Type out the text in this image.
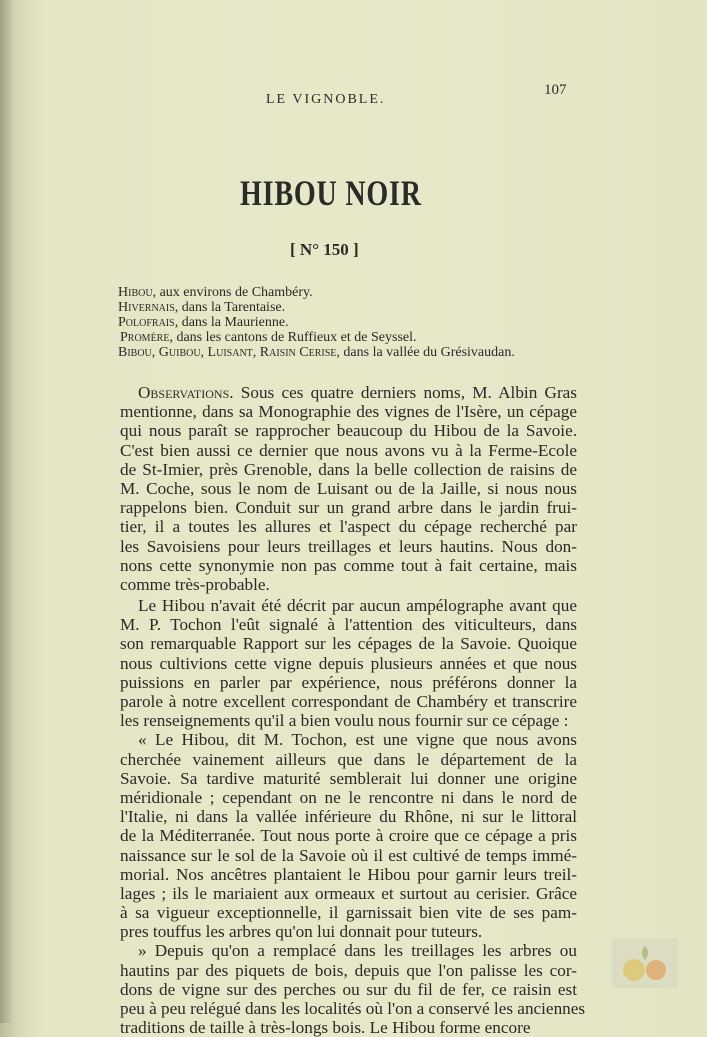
LE VIGNOBLE.
107
HIBOU NOIR
[ N° 150 ]
Hibou, aux environs de Chambéry.
Hivernais, dans la Tarentaise.
Polofrais, dans la Maurienne.
Promère, dans les cantons de Ruffieux et de Seyssel.
Bibou, Guibou, Luisant, Raisin Cerise, dans la vallée du Grésivaudan.
Observations. Sous ces quatre derniers noms, M. Albin Gras
mentionne, dans sa Monographie des vignes de l'Isère, un cépage
qui nous paraît se rapprocher beaucoup du Hibou de la Savoie.
C'est bien aussi ce dernier que nous avons vu à la Ferme-Ecole
de St-Imier, près Grenoble, dans la belle collection de raisins de
M. Coche, sous le nom de Luisant ou de la Jaille, si nous nous
rappelons bien. Conduit sur un grand arbre dans le jardin frui-
tier, il a toutes les allures et l'aspect du cépage recherché par
les Savoisiens pour leurs treillages et leurs hautins. Nous don-
nons cette synonymie non pas comme tout à fait certaine, mais
comme très-probable.
Le Hibou n'avait été décrit par aucun ampélographe avant que
M. P. Tochon l'eût signalé à l'attention des viticulteurs, dans
son remarquable Rapport sur les cépages de la Savoie. Quoique
nous cultivions cette vigne depuis plusieurs années et que nous
puissions en parler par expérience, nous préférons donner la
parole à notre excellent correspondant de Chambéry et transcrire
les renseignements qu'il a bien voulu nous fournir sur ce cépage :
« Le Hibou, dit M. Tochon, est une vigne que nous avons
cherchée vainement ailleurs que dans le département de la
Savoie. Sa tardive maturité semblerait lui donner une origine
méridionale ; cependant on ne le rencontre ni dans le nord de
l'Italie, ni dans la vallée inférieure du Rhône, ni sur le littoral
de la Méditerranée. Tout nous porte à croire que ce cépage a pris
naissance sur le sol de la Savoie où il est cultivé de temps immé-
morial. Nos ancêtres plantaient le Hibou pour garnir leurs treil-
lages ; ils le mariaient aux ormeaux et surtout au cerisier. Grâce
à sa vigueur exceptionnelle, il garnissait bien vite de ses pam-
pres touffus les arbres qu'on lui donnait pour tuteurs.
» Depuis qu'on a remplacé dans les treillages les arbres ou
hautins par des piquets de bois, depuis que l'on palisse les cor-
dons de vigne sur des perches ou sur du fil de fer, ce raisin est
peu à peu relégué dans les localités où l'on a conservé les anciennes
traditions de taille à très-longs bois. Le Hibou forme encore
